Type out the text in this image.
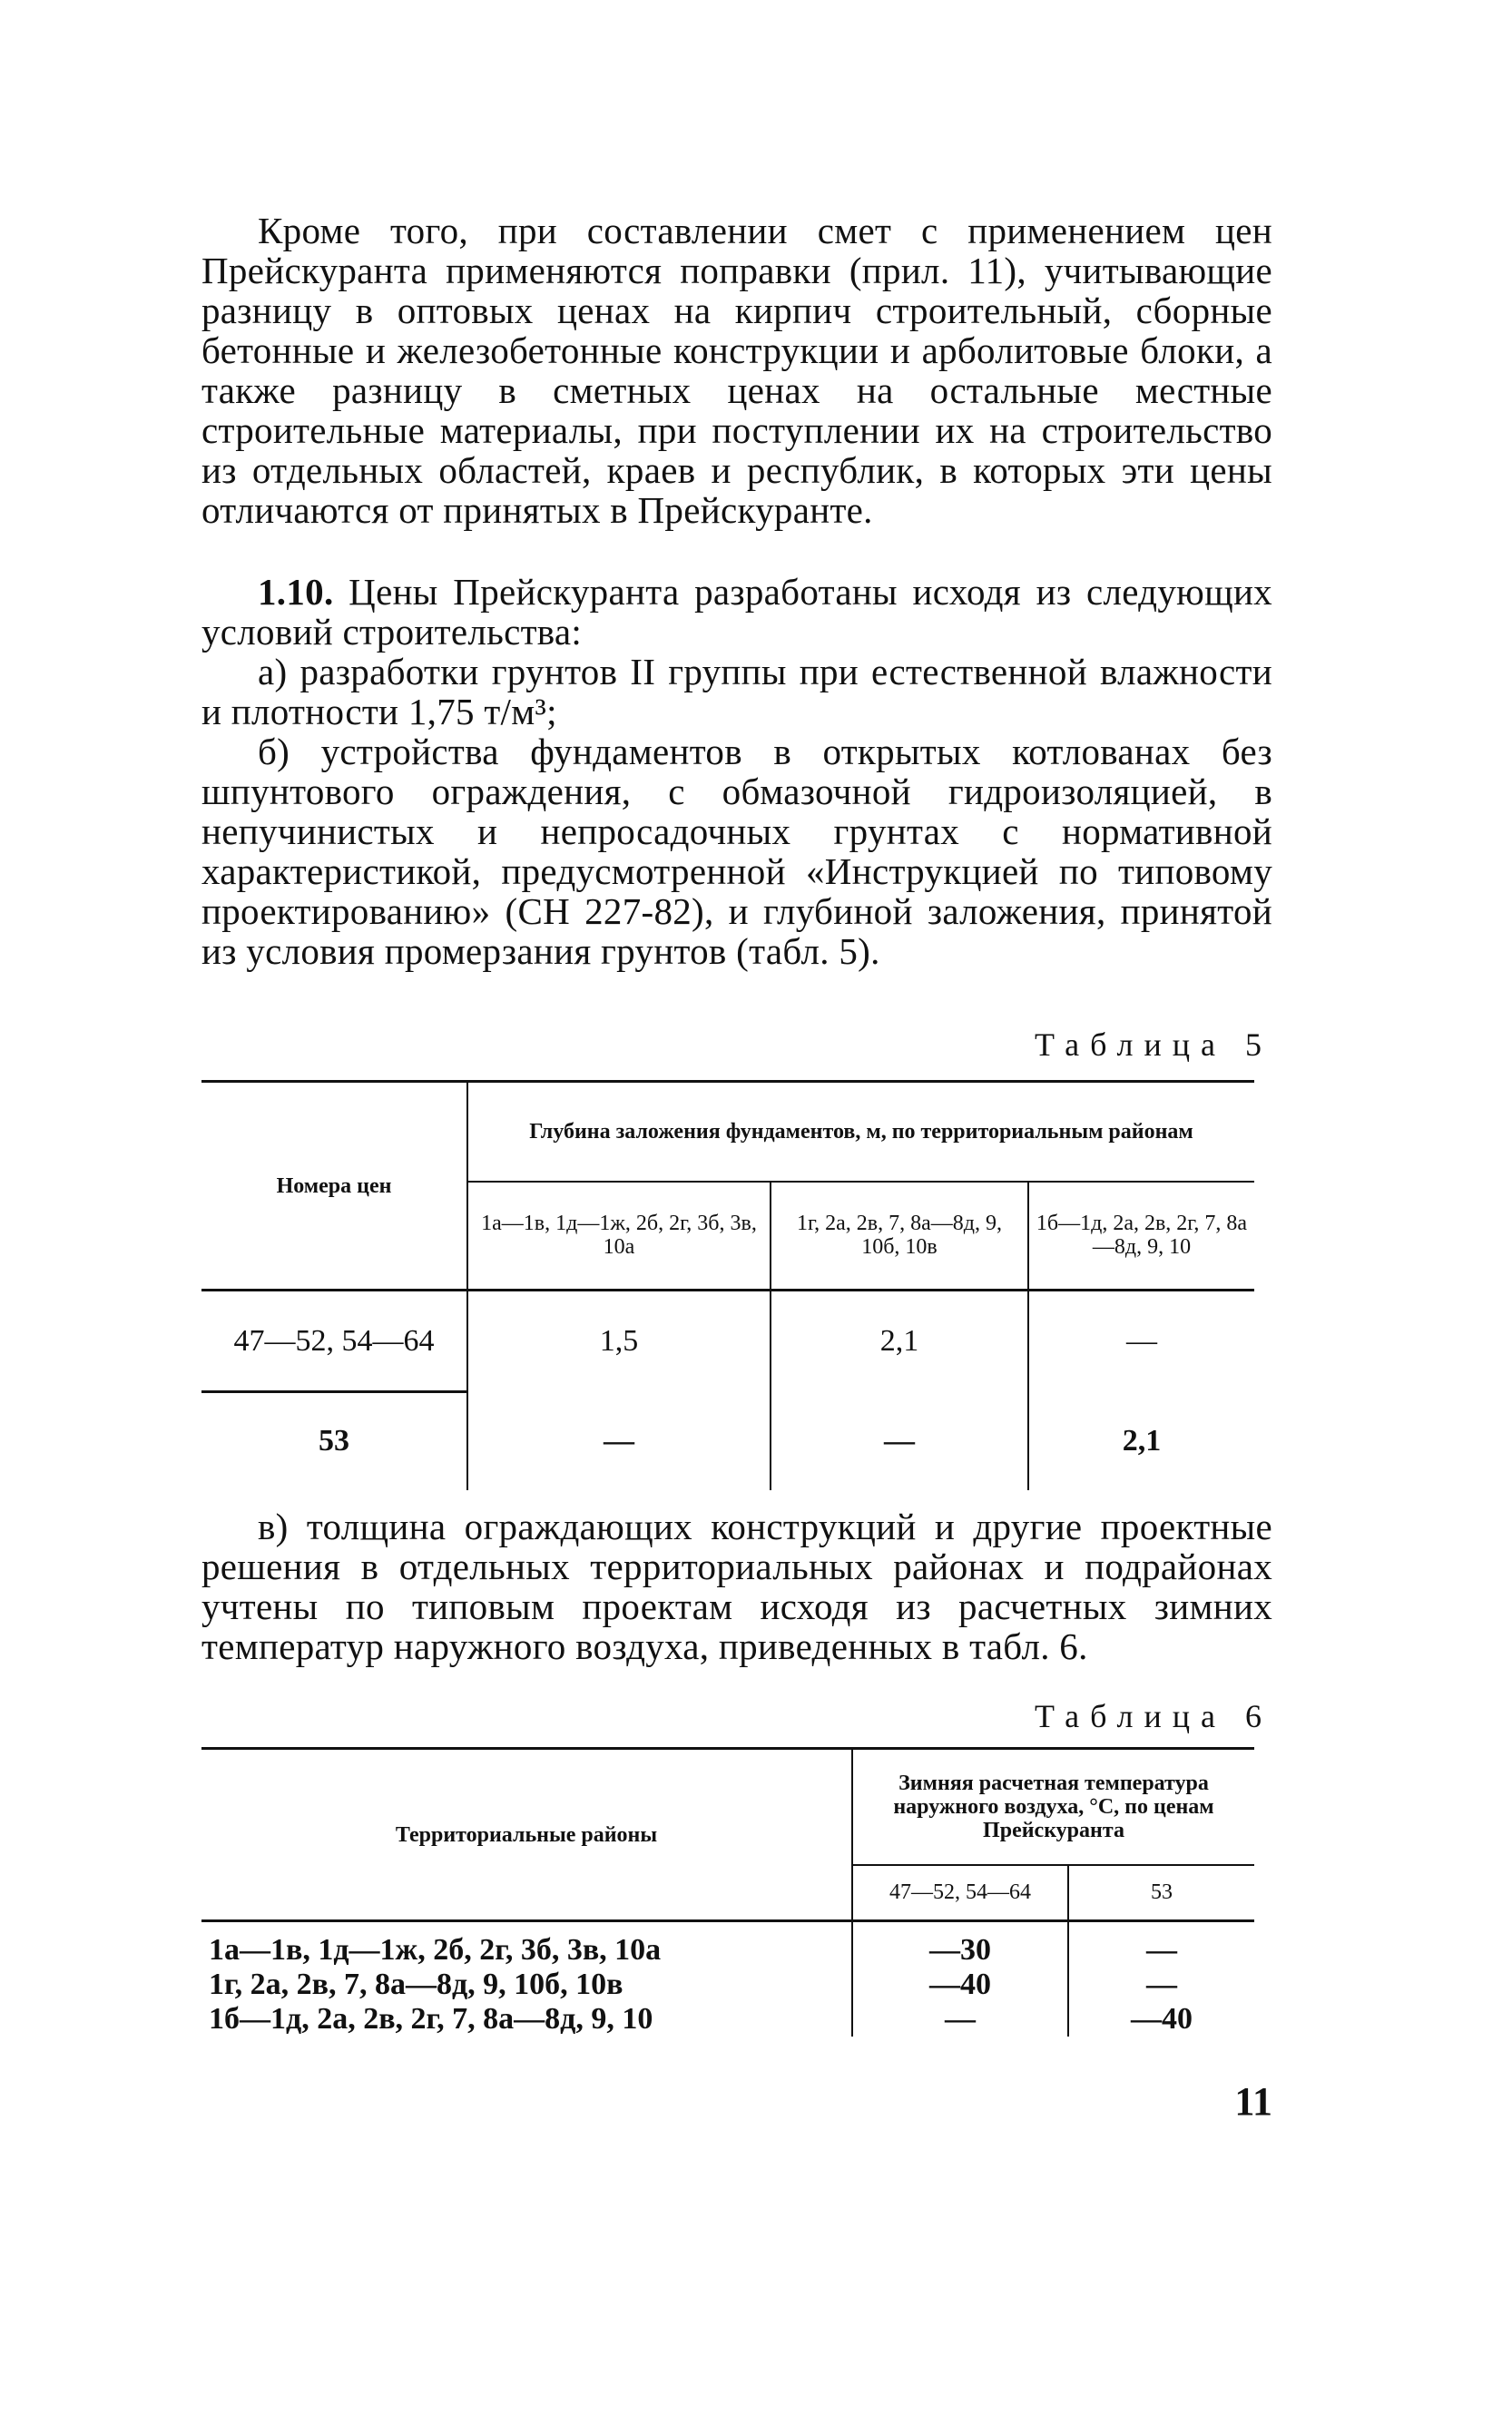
Кроме того, при составлении смет с применением цен Прейскуранта применяются поправки (прил. 11), учитывающие разницу в оптовых ценах на кирпич строительный, сборные бетонные и железобетонные конструкции и арболитовые блоки, а также разницу в сметных ценах на остальные местные строительные материалы, при поступлении их на строительство из отдельных областей, краев и республик, в которых эти цены отличаются от принятых в Прейскуранте.

1.10. Цены Прейскуранта разработаны исходя из следующих условий строительства:

а) разработки грунтов II группы при естественной влажности и плотности 1,75 т/м³;

б) устройства фундаментов в открытых котлованах без шпунтового ограждения, с обмазочной гидроизоляцией, в непучинистых и непросадочных грунтах с нормативной характеристикой, предусмотренной «Инструкцией по типовому проектированию» (СН 227-82), и глубиной заложения, принятой из условия промерзания грунтов (табл. 5).

Таблица 5

Номера цен	Глубина заложения фундаментов, м, по территориальным районам		
	1а—1в, 1д—1ж, 2б, 2г, 3б, 3в, 10а	1г, 2а, 2в, 7, 8а—8д, 9, 10б, 10в	1б—1д, 2а, 2в, 2г, 7, 8а—8д, 9, 10
47—52, 54—64	1,5	2,1	—
53	—	—	2,1

в) толщина ограждающих конструкций и другие проектные решения в отдельных территориальных районах и подрайонах учтены по типовым проектам исходя из расчетных зимних температур наружного воздуха, приведенных в табл. 6.

Таблица 6

Территориальные районы	Зимняя расчетная температура наружного воздуха, °С, по ценам Прейскуранта	
	47—52, 54—64	53
1а—1в, 1д—1ж, 2б, 2г, 3б, 3в, 10а	—30	—
1г, 2а, 2в, 7, 8а—8д, 9, 10б, 10в	—40	—
1б—1д, 2а, 2в, 2г, 7, 8а—8д, 9, 10	—	—40
11
